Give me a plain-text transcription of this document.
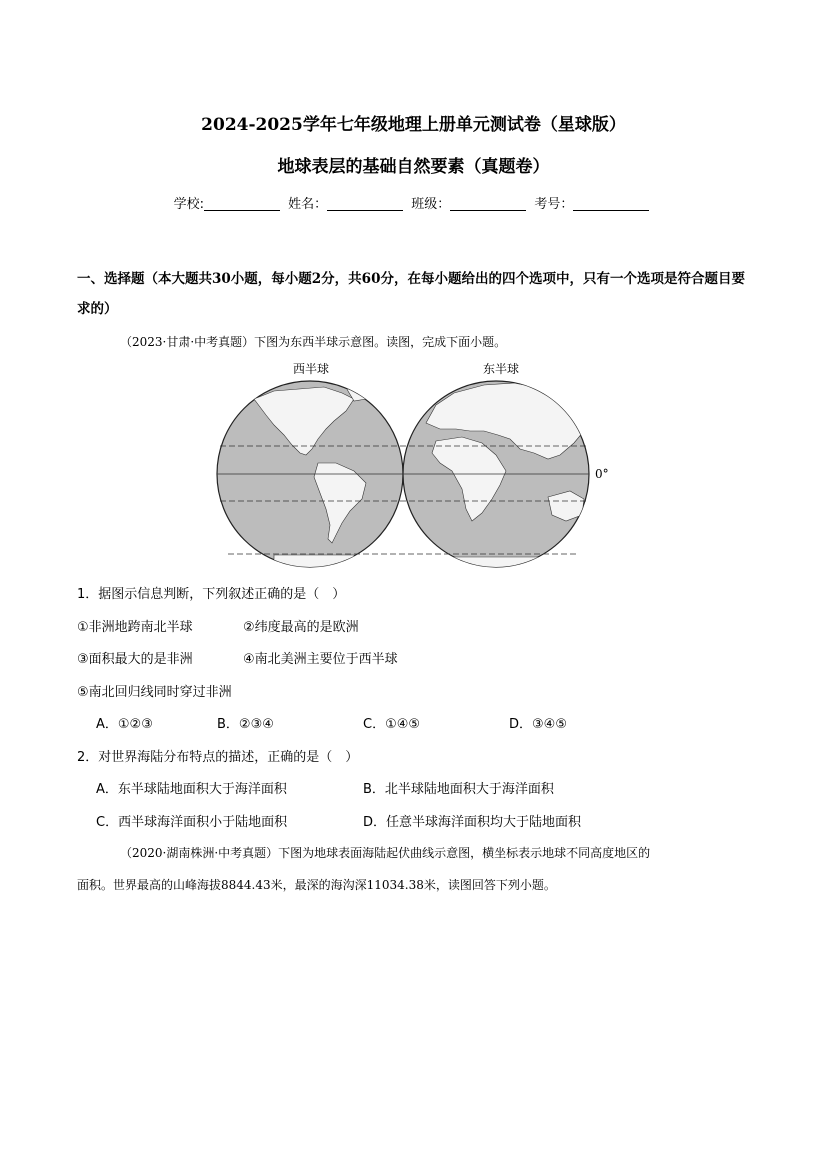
2024-2025学年七年级地理上册单元测试卷（星球版）
地球表层的基础自然要素（真题卷）
学校:	姓名：	班级：	考号：
一、选择题（本大题共30小题，每小题2分，共60分，在每小题给出的四个选项中，只有一个选项是符合题目要求的）
（2023·甘肃·中考真题）下图为东西半球示意图。读图，完成下面小题。
西半球	东半球
0°
1．据图示信息判断，下列叙述正确的是（　）
①非洲地跨南北半球	②纬度最高的是欧洲
③面积最大的是非洲	④南北美洲主要位于西半球
⑤南北回归线同时穿过非洲
A．①②③	B．②③④	C．①④⑤	D．③④⑤
2．对世界海陆分布特点的描述，正确的是（　）
A．东半球陆地面积大于海洋面积	B．北半球陆地面积大于海洋面积
C．西半球海洋面积小于陆地面积	D．任意半球海洋面积均大于陆地面积
（2020·湖南株洲·中考真题）下图为地球表面海陆起伏曲线示意图，横坐标表示地球不同高度地区的
面积。世界最高的山峰海拔8844.43米，最深的海沟深11034.38米，读图回答下列小题。
